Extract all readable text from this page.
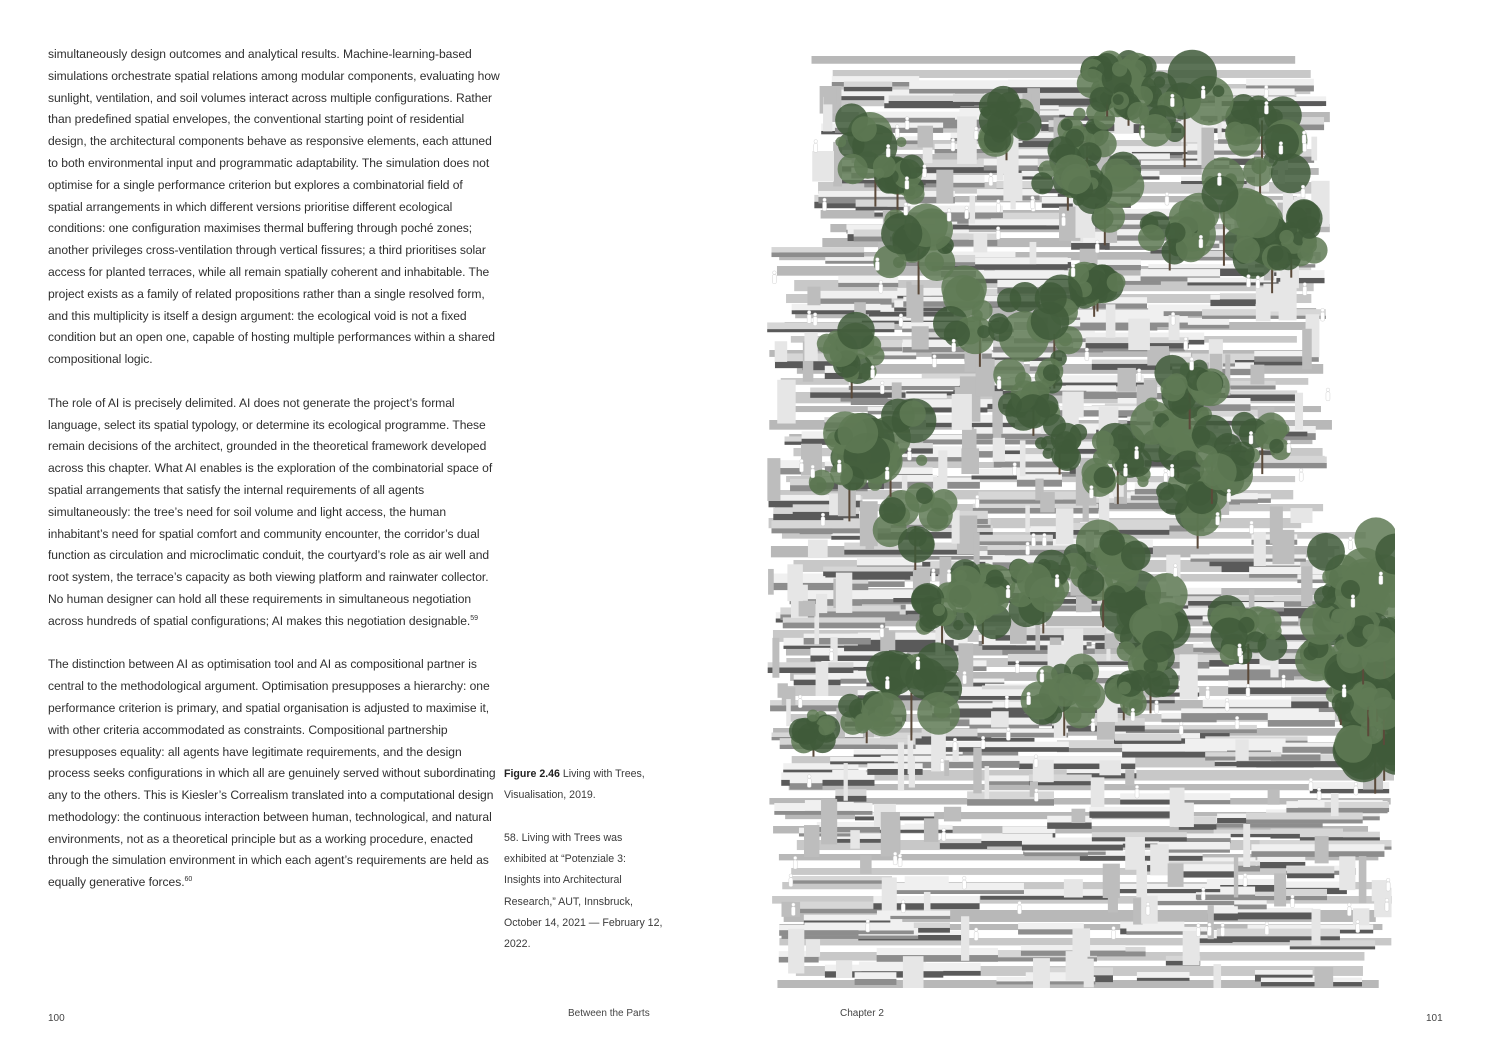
simultaneously design outcomes and analytical results. Machine-learning-based simulations orchestrate spatial relations among modular components, evaluating how sunlight, ventilation, and soil volumes interact across multiple configurations. Rather than predefined spatial envelopes, the conventional starting point of residential design, the architectural components behave as responsive elements, each attuned to both environmental input and programmatic adaptability. The simulation does not optimise for a single performance criterion but explores a combinatorial field of spatial arrangements in which different versions prioritise different ecological conditions: one configuration maximises thermal buffering through poché zones; another privileges cross-ventilation through vertical fissures; a third prioritises solar access for planted terraces, while all remain spatially coherent and inhabitable. The project exists as a family of related propositions rather than a single resolved form, and this multiplicity is itself a design argument: the ecological void is not a fixed condition but an open one, capable of hosting multiple performances within a shared compositional logic.

The role of AI is precisely delimited. AI does not generate the project’s formal language, select its spatial typology, or determine its ecological programme. These remain decisions of the architect, grounded in the theoretical framework developed across this chapter. What AI enables is the exploration of the combinatorial space of spatial arrangements that satisfy the internal requirements of all agents simultaneously: the tree’s need for soil volume and light access, the human inhabitant’s need for spatial comfort and community encounter, the corridor’s dual function as circulation and microclimatic conduit, the courtyard’s role as air well and root system, the terrace’s capacity as both viewing platform and rainwater collector. No human designer can hold all these requirements in simultaneous negotiation across hundreds of spatial configurations; AI makes this negotiation designable.$^{59}$

The distinction between AI as optimisation tool and AI as compositional partner is central to the methodological argument. Optimisation presupposes a hierarchy: one performance criterion is primary, and spatial organisation is adjusted to maximise it, with other criteria accommodated as constraints. Compositional partnership presupposes equality: all agents have legitimate requirements, and the design process seeks configurations in which all are genuinely served without subordinating any to the others. This is Kiesler’s Correalism translated into a computational design methodology: the continuous interaction between human, technological, and natural environments, not as a theoretical principle but as a working procedure, enacted through the simulation environment in which each agent’s requirements are held as equally generative forces.$^{60}$

Figure 2.46 Living with Trees, Visualisation, 2019.

58. Living with Trees was exhibited at “Potenziale 3: Insights into Architectural Research,” AUT, Innsbruck, October 14, 2021 — February 12, 2022.

100	Between the Parts	Chapter 2	101
